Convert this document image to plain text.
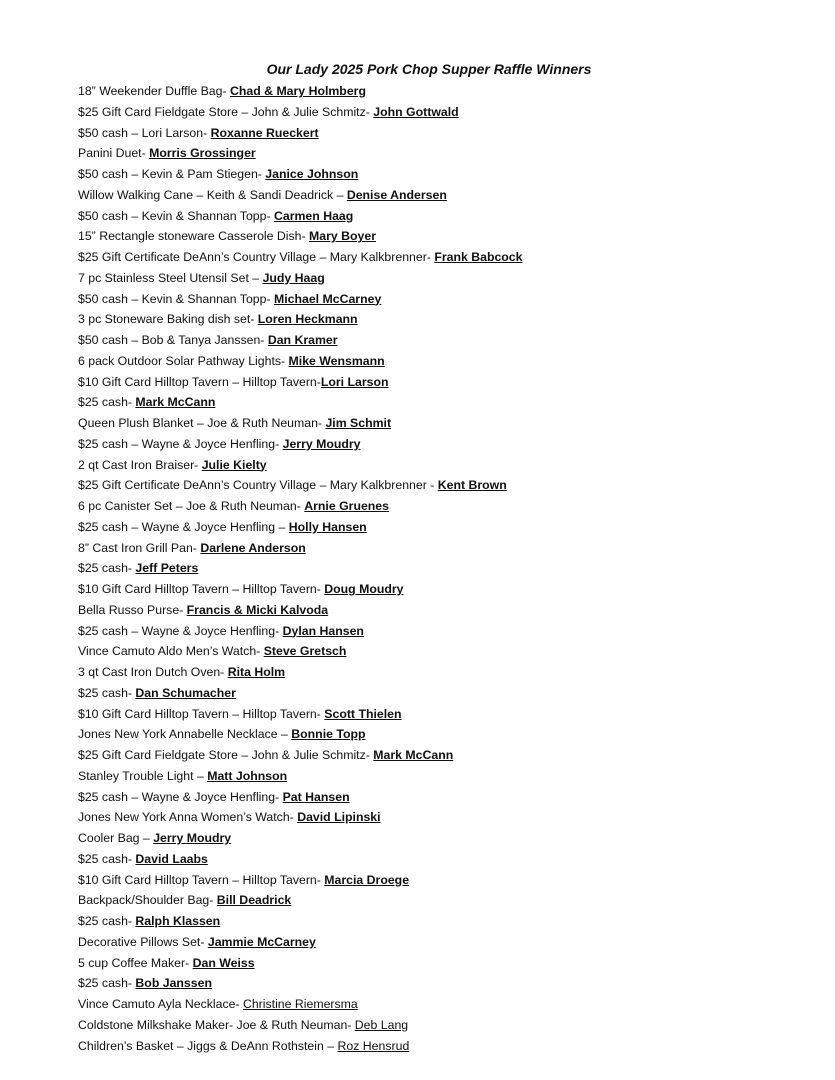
Our Lady 2025 Pork Chop Supper Raffle Winners
18” Weekender Duffle Bag- Chad & Mary Holmberg
$25 Gift Card Fieldgate Store – John & Julie Schmitz- John Gottwald
$50 cash – Lori Larson- Roxanne Rueckert
Panini Duet- Morris Grossinger
$50 cash – Kevin & Pam Stiegen- Janice Johnson
Willow Walking Cane – Keith & Sandi Deadrick – Denise Andersen
$50 cash – Kevin & Shannan Topp- Carmen Haag
15” Rectangle stoneware Casserole Dish- Mary Boyer
$25 Gift Certificate DeAnn’s Country Village – Mary Kalkbrenner- Frank Babcock
7 pc Stainless Steel Utensil Set – Judy Haag
$50 cash – Kevin & Shannan Topp- Michael McCarney
3 pc Stoneware Baking dish set- Loren Heckmann
$50 cash – Bob & Tanya Janssen- Dan Kramer
6 pack Outdoor Solar Pathway Lights- Mike Wensmann
$10 Gift Card Hilltop Tavern – Hilltop Tavern-Lori Larson
$25 cash- Mark McCann
Queen Plush Blanket – Joe & Ruth Neuman- Jim Schmit
$25 cash – Wayne & Joyce Henfling- Jerry Moudry
2 qt Cast Iron Braiser- Julie Kielty
$25 Gift Certificate DeAnn’s Country Village – Mary Kalkbrenner - Kent Brown
6 pc Canister Set – Joe & Ruth Neuman- Arnie Gruenes
$25 cash – Wayne & Joyce Henfling – Holly Hansen
8” Cast Iron Grill Pan- Darlene Anderson
$25 cash- Jeff Peters
$10 Gift Card Hilltop Tavern – Hilltop Tavern- Doug Moudry
Bella Russo Purse- Francis & Micki Kalvoda
$25 cash – Wayne & Joyce Henfling- Dylan Hansen
Vince Camuto Aldo Men’s Watch- Steve Gretsch
3 qt Cast Iron Dutch Oven- Rita Holm
$25 cash- Dan Schumacher
$10 Gift Card Hilltop Tavern – Hilltop Tavern- Scott Thielen
Jones New York Annabelle Necklace – Bonnie Topp
$25 Gift Card Fieldgate Store – John & Julie Schmitz- Mark McCann
Stanley Trouble Light – Matt Johnson
$25 cash – Wayne & Joyce Henfling- Pat Hansen
Jones New York Anna Women’s Watch- David Lipinski
Cooler Bag – Jerry Moudry
$25 cash- David Laabs
$10 Gift Card Hilltop Tavern – Hilltop Tavern- Marcia Droege
Backpack/Shoulder Bag- Bill Deadrick
$25 cash- Ralph Klassen
Decorative Pillows Set- Jammie McCarney
5 cup Coffee Maker- Dan Weiss
$25 cash- Bob Janssen
Vince Camuto Ayla Necklace- Christine Riemersma
Coldstone Milkshake Maker- Joe & Ruth Neuman- Deb Lang
Children’s Basket – Jiggs & DeAnn Rothstein – Roz Hensrud
